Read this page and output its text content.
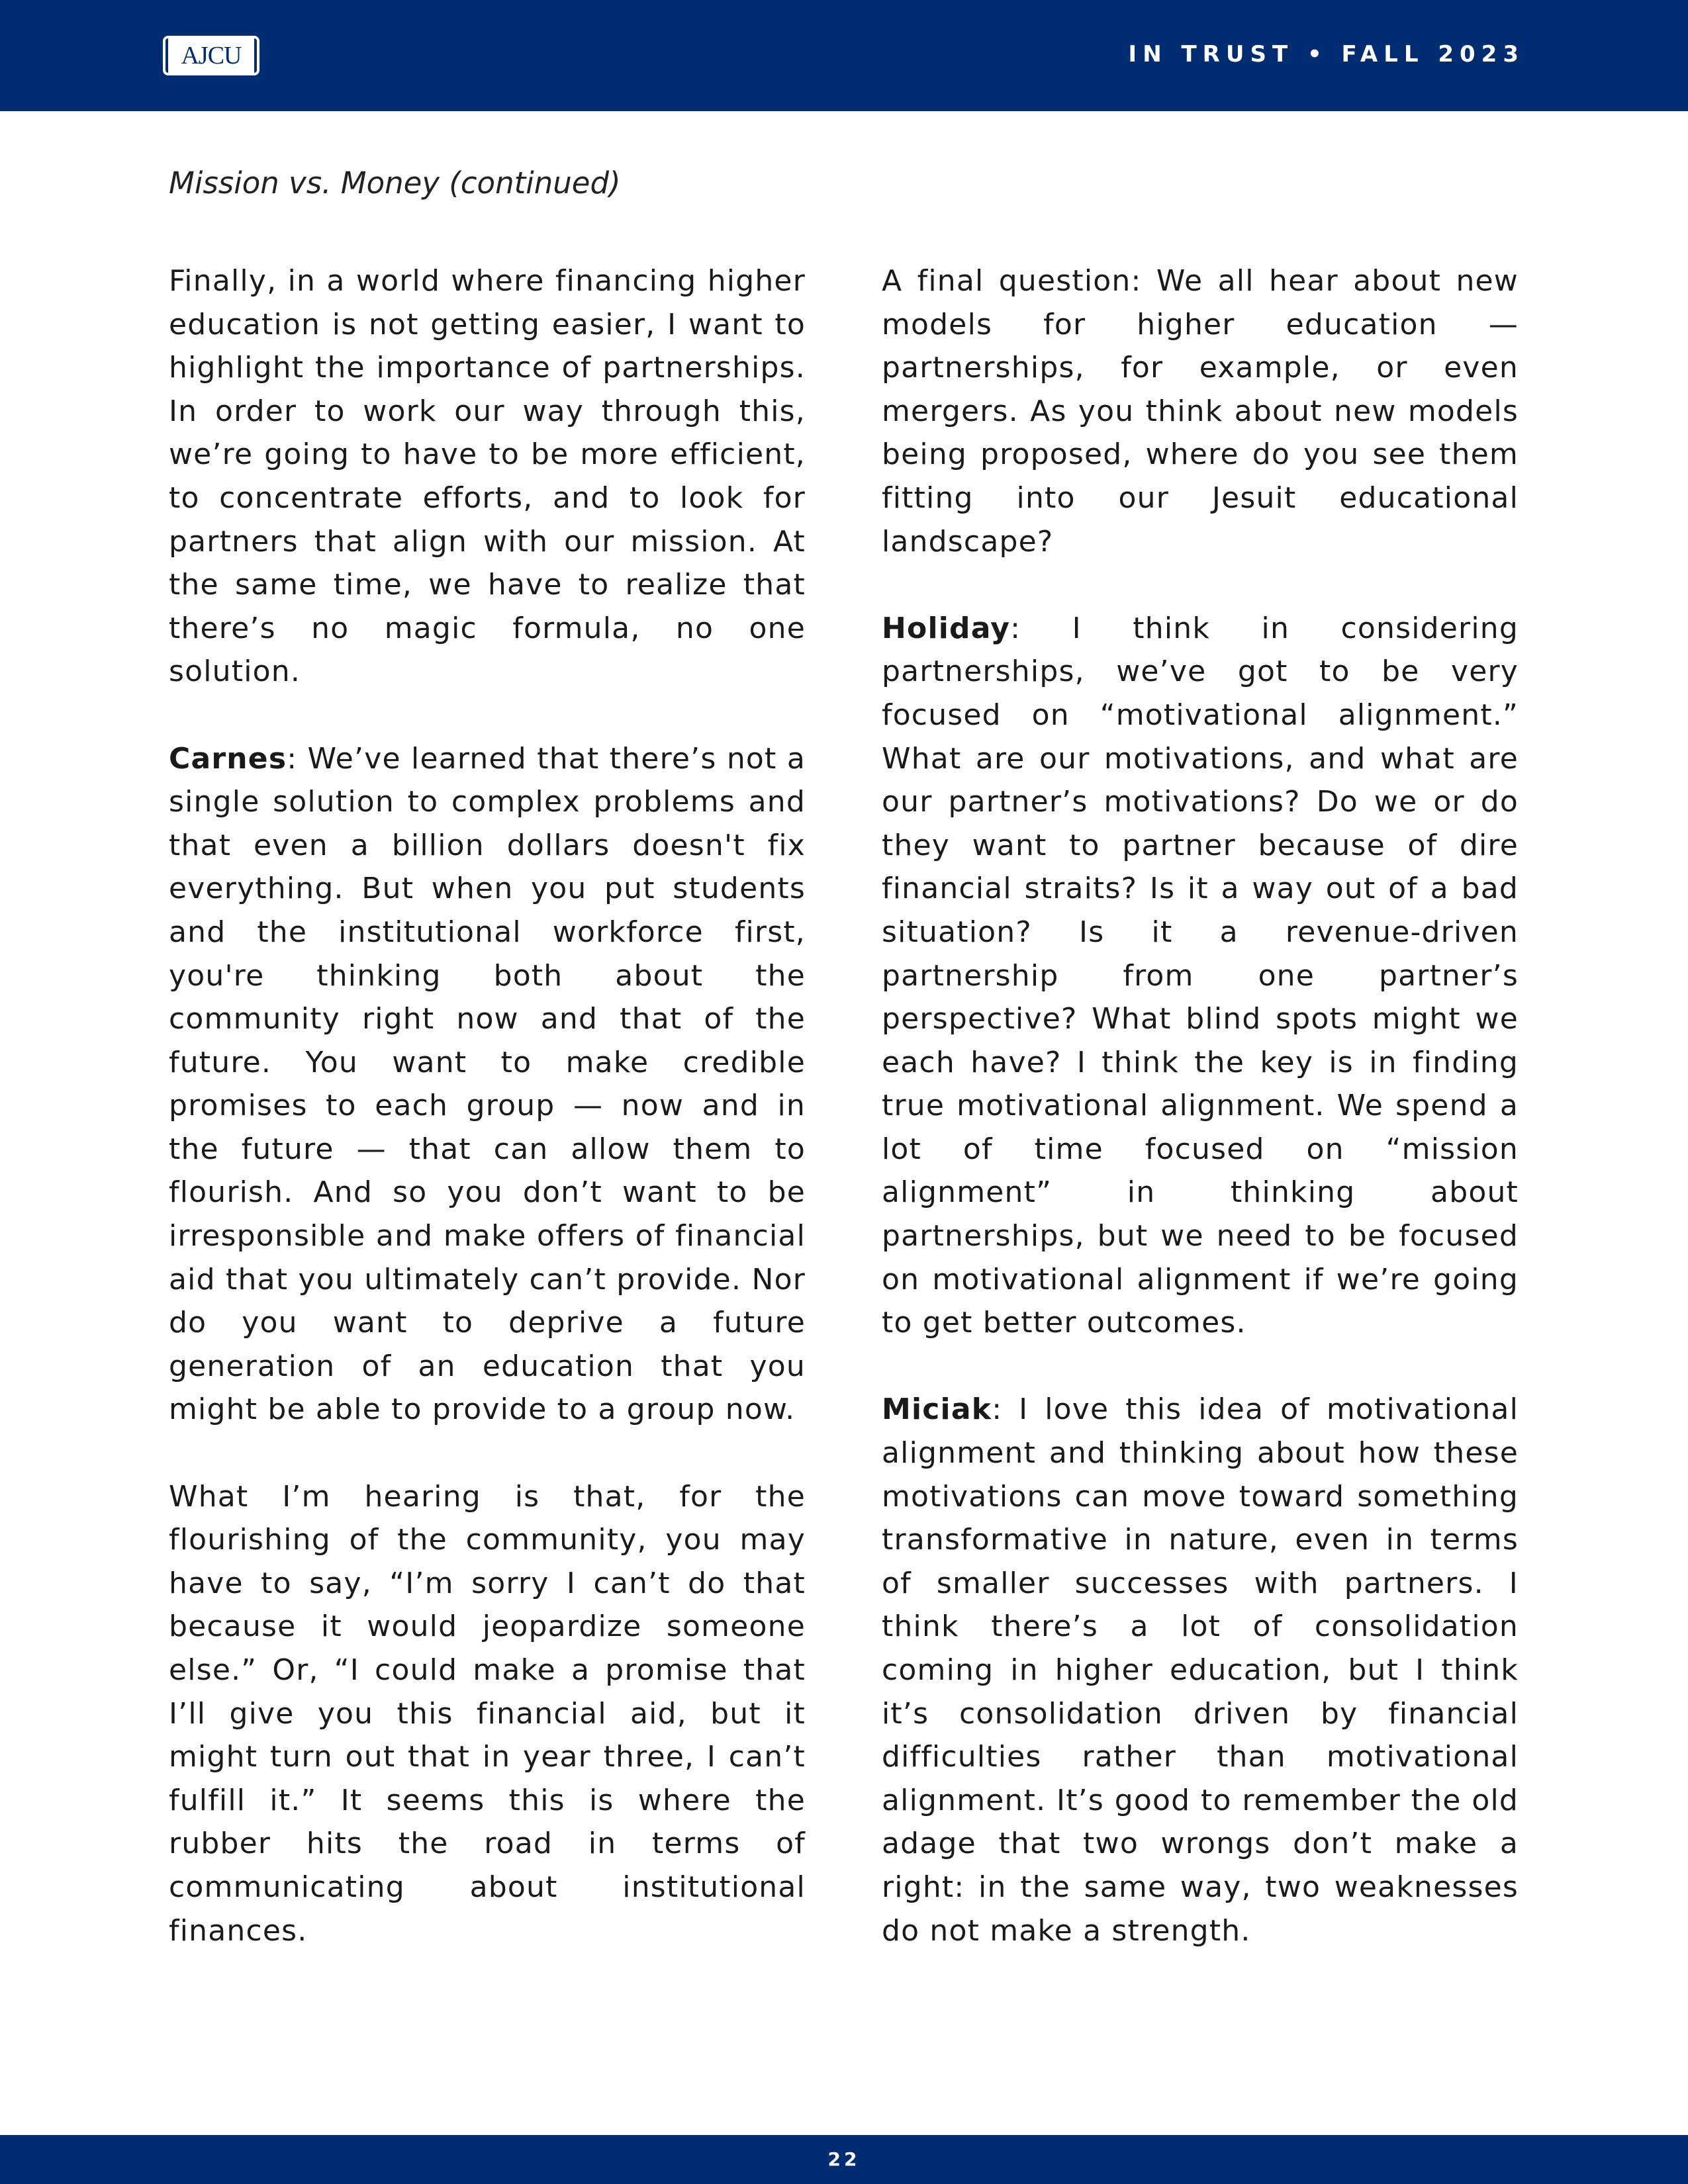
AJCU	IN TRUST • FALL 2023
Mission vs. Money (continued)

Finally, in a world where financing higher education is not getting easier, I want to highlight the importance of partnerships. In order to work our way through this, we’re going to have to be more efficient, to concentrate efforts, and to look for partners that align with our mission. At the same time, we have to realize that there’s no magic formula, no one solution.

Carnes: We’ve learned that there’s not a single solution to complex problems and that even a billion dollars doesn't fix everything. But when you put students and the institutional workforce first, you're thinking both about the community right now and that of the future. You want to make credible promises to each group — now and in the future — that can allow them to flourish. And so you don’t want to be irresponsible and make offers of financial aid that you ultimately can’t provide. Nor do you want to deprive a future generation of an education that you might be able to provide to a group now.

What I’m hearing is that, for the flourishing of the community, you may have to say, “I’m sorry I can’t do that because it would jeopardize someone else.” Or, “I could make a promise that I’ll give you this financial aid, but it might turn out that in year three, I can’t fulfill it.” It seems this is where the rubber hits the road in terms of communicating about institutional finances.

A final question: We all hear about new models for higher education — partnerships, for example, or even mergers. As you think about new models being proposed, where do you see them fitting into our Jesuit educational landscape?

Holiday: I think in considering partnerships, we’ve got to be very focused on “motivational alignment.” What are our motivations, and what are our partner’s motivations? Do we or do they want to partner because of dire financial straits? Is it a way out of a bad situation? Is it a revenue-driven partnership from one partner’s perspective? What blind spots might we each have? I think the key is in finding true motivational alignment. We spend a lot of time focused on “mission alignment” in thinking about partnerships, but we need to be focused on motivational alignment if we’re going to get better outcomes.

Miciak: I love this idea of motivational alignment and thinking about how these motivations can move toward something transformative in nature, even in terms of smaller successes with partners. I think there’s a lot of consolidation coming in higher education, but I think it’s consolidation driven by financial difficulties rather than motivational alignment. It’s good to remember the old adage that two wrongs don’t make a right: in the same way, two weaknesses do not make a strength.

22
